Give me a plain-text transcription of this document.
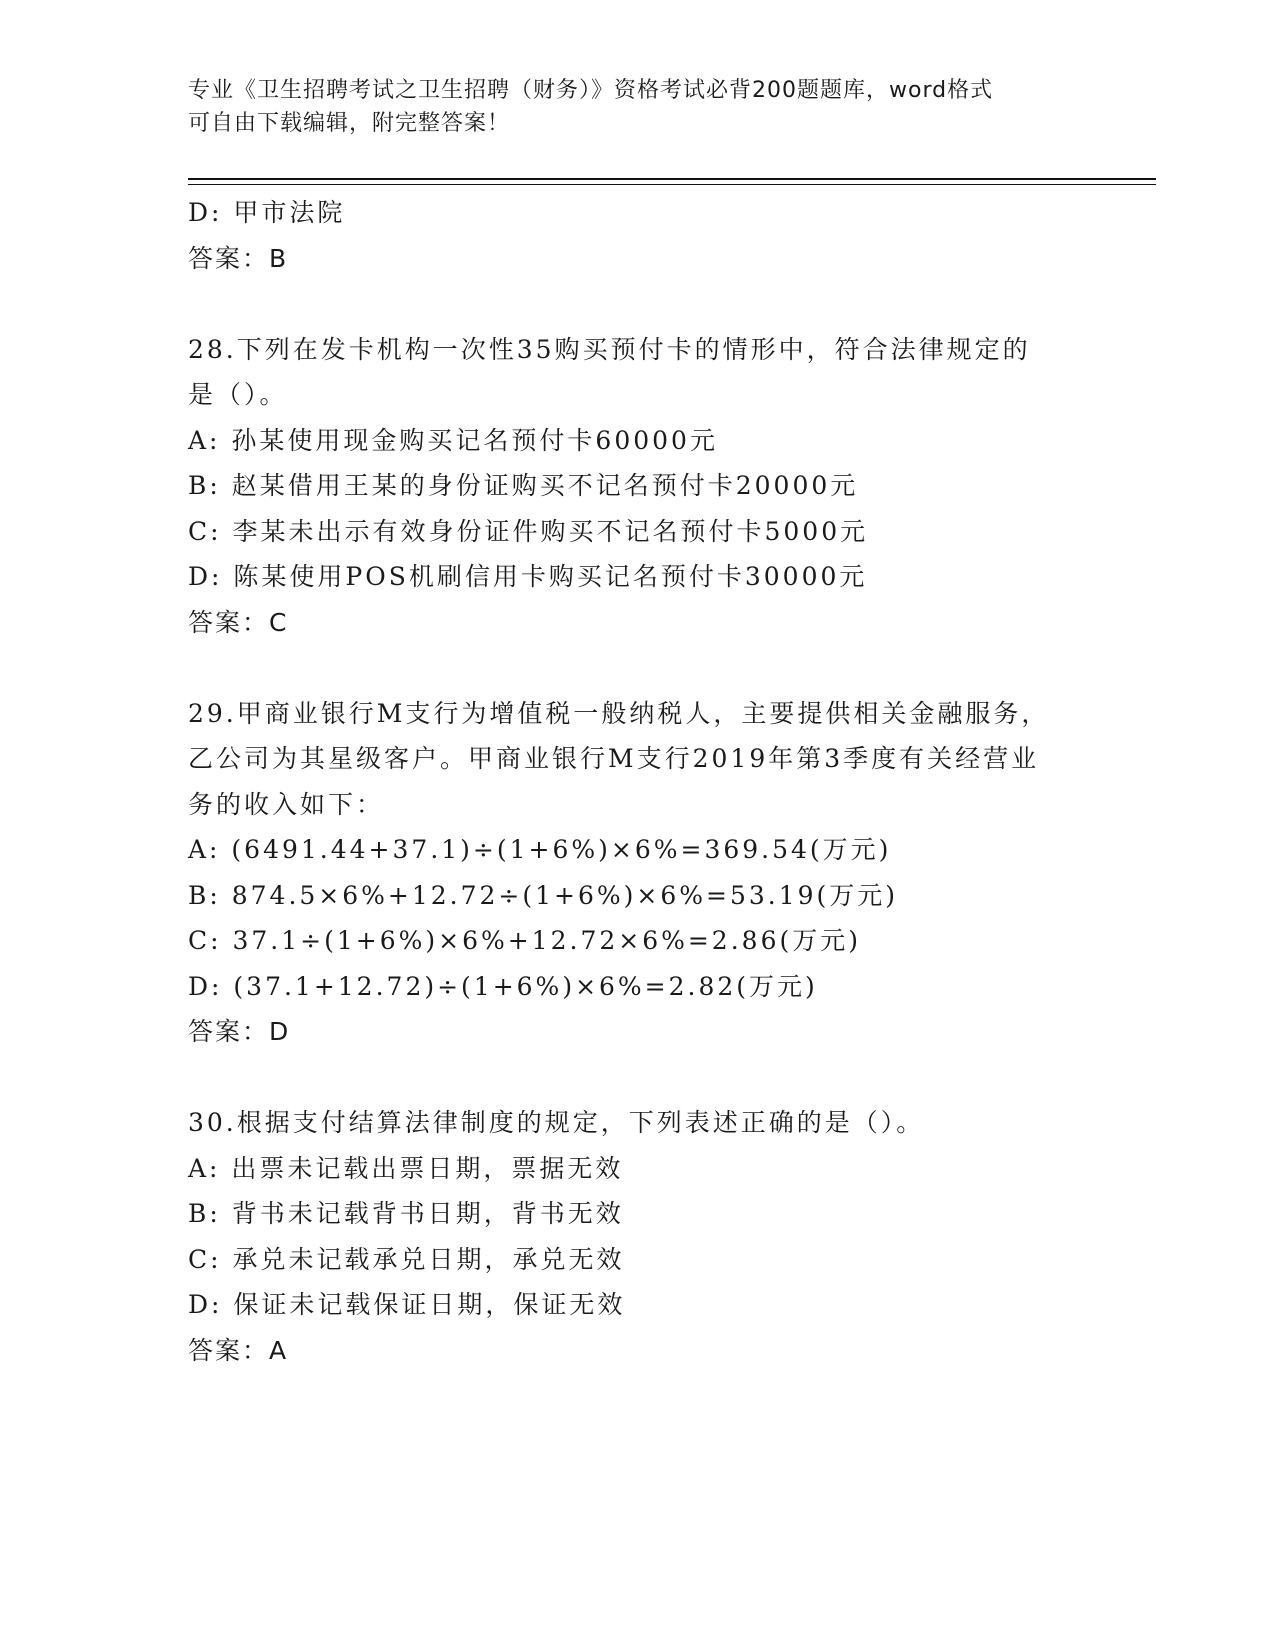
专业《卫生招聘考试之卫生招聘（财务）》资格考试必背200题题库，word格式
可自由下载编辑，附完整答案！
D: 甲市法院
答案：B
28.下列在发卡机构一次性35购买预付卡的情形中，符合法律规定的
是（）。
A: 孙某使用现金购买记名预付卡60000元
B: 赵某借用王某的身份证购买不记名预付卡20000元
C: 李某未出示有效身份证件购买不记名预付卡5000元
D: 陈某使用POS机刷信用卡购买记名预付卡30000元
答案：C
29.甲商业银行M支行为增值税一般纳税人，主要提供相关金融服务，
乙公司为其星级客户。甲商业银行M支行2019年第3季度有关经营业
务的收入如下：
A: (6491.44+37.1)÷(1+6%)×6%=369.54(万元)
B: 874.5×6%+12.72÷(1+6%)×6%=53.19(万元)
C: 37.1÷(1+6%)×6%+12.72×6%=2.86(万元)
D: (37.1+12.72)÷(1+6%)×6%=2.82(万元)
答案：D
30.根据支付结算法律制度的规定，下列表述正确的是（）。
A: 出票未记载出票日期，票据无效
B: 背书未记载背书日期，背书无效
C: 承兑未记载承兑日期，承兑无效
D: 保证未记载保证日期，保证无效
答案：A
